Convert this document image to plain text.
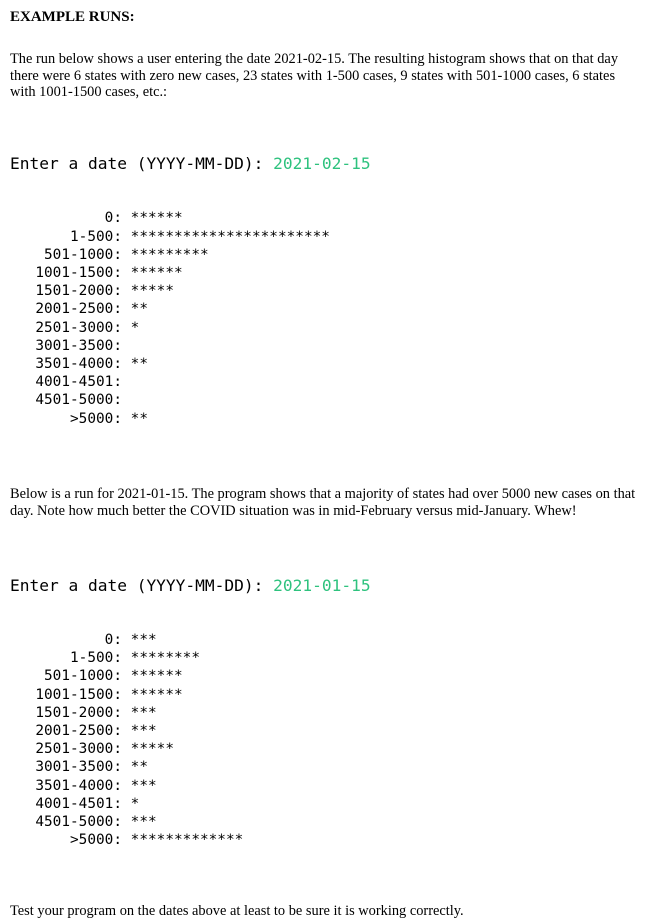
EXAMPLE RUNS:

The run below shows a user entering the date 2021-02-15. The resulting histogram shows that on that day there were 6 states with zero new cases, 23 states with 1-500 cases, 9 states with 501-1000 cases, 6 states with 1001-1500 cases, etc.:

Enter a date (YYYY-MM-DD): 2021-02-15

0: ******
1-500: ***********************
501-1000: *********
1001-1500: ******
1501-2000: *****
2001-2500: **
2501-3000: *
3001-3500:
3501-4000: **
4001-4501:
4501-5000:
>5000: **

Below is a run for 2021-01-15. The program shows that a majority of states had over 5000 new cases on that day. Note how much better the COVID situation was in mid-February versus mid-January. Whew!

Enter a date (YYYY-MM-DD): 2021-01-15

0: ***
1-500: ********
501-1000: ******
1001-1500: ******
1501-2000: ***
2001-2500: ***
2501-3000: *****
3001-3500: **
3501-4000: ***
4001-4501: *
4501-5000: ***
>5000: *************

Test your program on the dates above at least to be sure it is working correctly.
